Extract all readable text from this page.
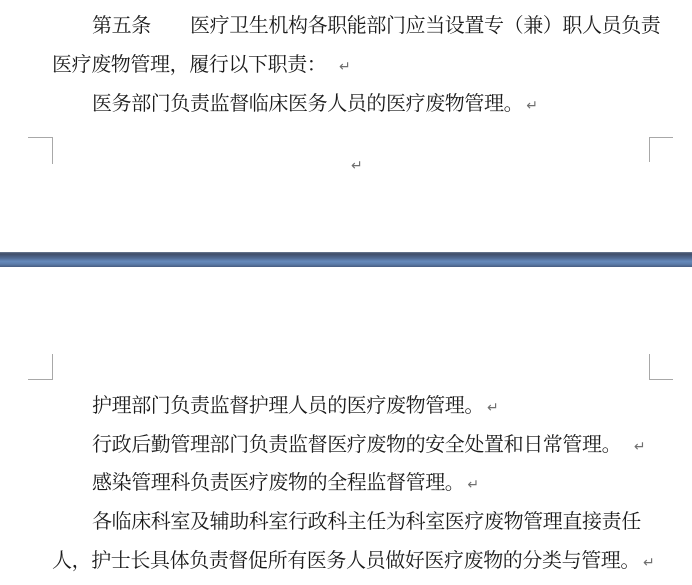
第五条　　医疗卫生机构各职能部门应当设置专（兼）职人员负责

医疗废物管理，履行以下职责：　↵

医务部门负责监督临床医务人员的医疗废物管理。 ↵

↵

护理部门负责监督护理人员的医疗废物管理。 ↵

行政后勤管理部门负责监督医疗废物的安全处置和日常管理。　↵

感染管理科负责医疗废物的全程监督管理。 ↵

各临床科室及辅助科室行政科主任为科室医疗废物管理直接责任

人，护士长具体负责督促所有医务人员做好医疗废物的分类与管理。 ↵
